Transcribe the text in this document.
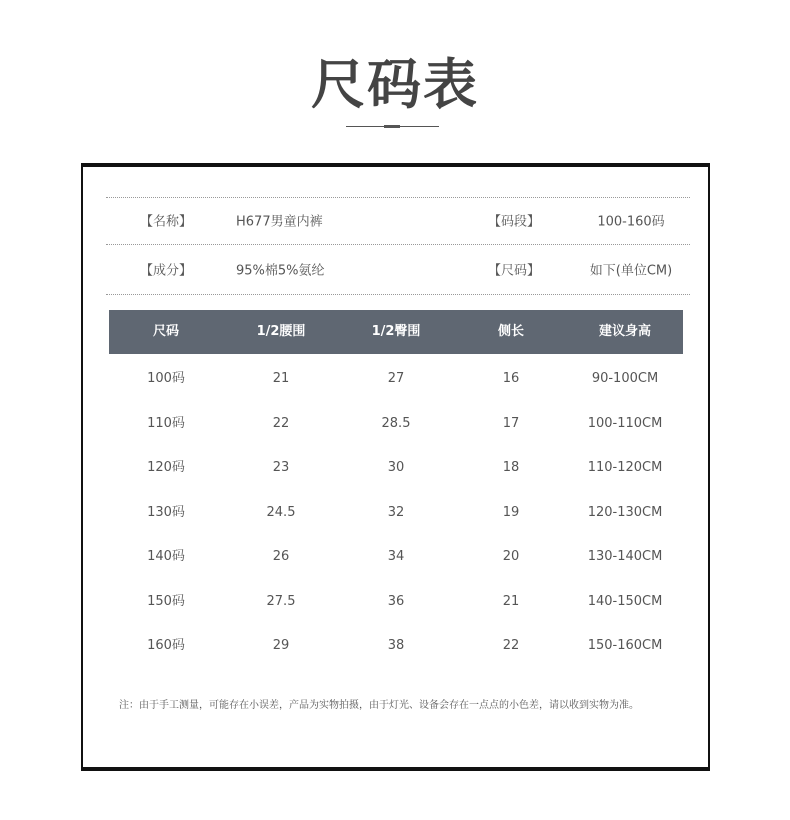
尺码表
【名称】	H677男童内裤	【码段】	100-160码
【成分】	95%棉5%氨纶	【尺码】	如下(单位CM)
尺码	1/2腰围	1/2臀围	侧长	建议身高
100码	21	27	16	90-100CM
110码	22	28.5	17	100-110CM
120码	23	30	18	110-120CM
130码	24.5	32	19	120-130CM
140码	26	34	20	130-140CM
150码	27.5	36	21	140-150CM
160码	29	38	22	150-160CM
注：由于手工测量，可能存在小误差，产品为实物拍摄，由于灯光、设备会存在一点点的小色差，请以收到实物为准。
